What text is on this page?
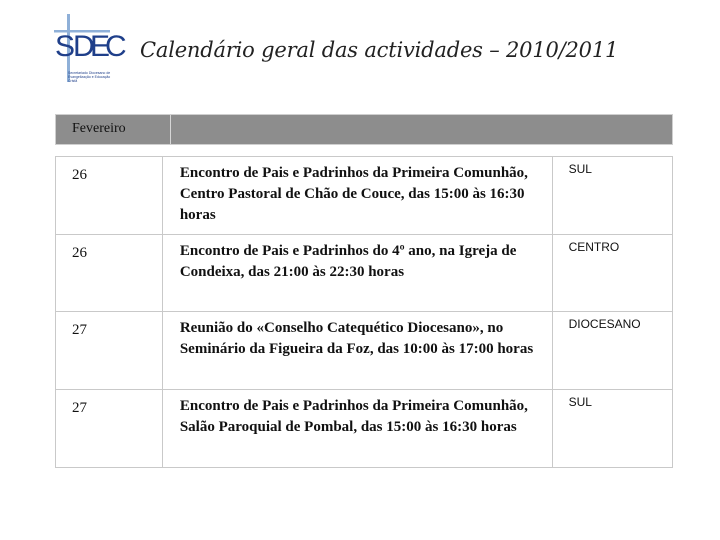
S
D
E
C
Secretariado Diocesano de Evangelização e Educação Cristã
Calendário geral das actividades – 2010/2011
Fevereiro
26	Encontro de Pais e Padrinhos da Primeira Comunhão, Centro Pastoral de Chão de Couce, das 15:00 às 16:30 horas	SUL
26	Encontro de Pais e Padrinhos do 4º ano, na Igreja de Condeixa, das 21:00 às 22:30 horas	CENTRO
27	Reunião do «Conselho Catequético Diocesano», no Seminário da Figueira da Foz, das 10:00 às 17:00 horas	DIOCESANO
27	Encontro de Pais e Padrinhos da Primeira Comunhão, Salão Paroquial de Pombal, das 15:00 às 16:30 horas	SUL
